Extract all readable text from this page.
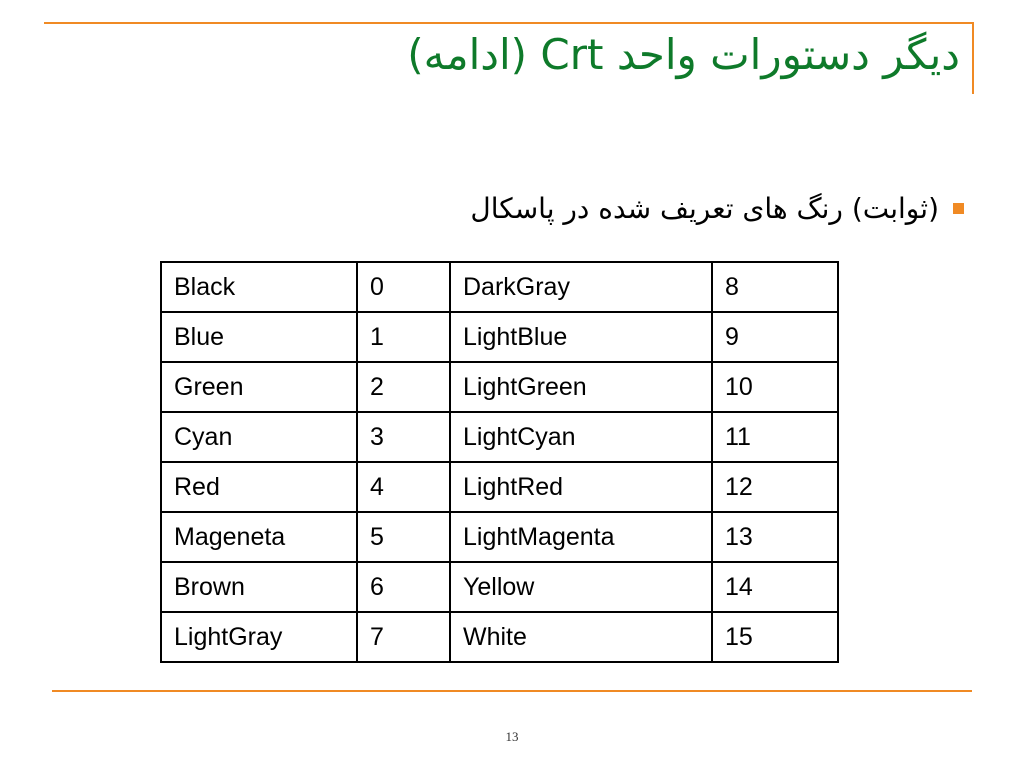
دیگر دستورات واحد Crt (ادامه)
(ثوابت) رنگ های تعریف شده در پاسکال
Black	0	DarkGray	8
Blue	1	LightBlue	9
Green	2	LightGreen	10
Cyan	3	LightCyan	11
Red	4	LightRed	12
Mageneta	5	LightMagenta	13
Brown	6	Yellow	14
LightGray	7	White	15
13
